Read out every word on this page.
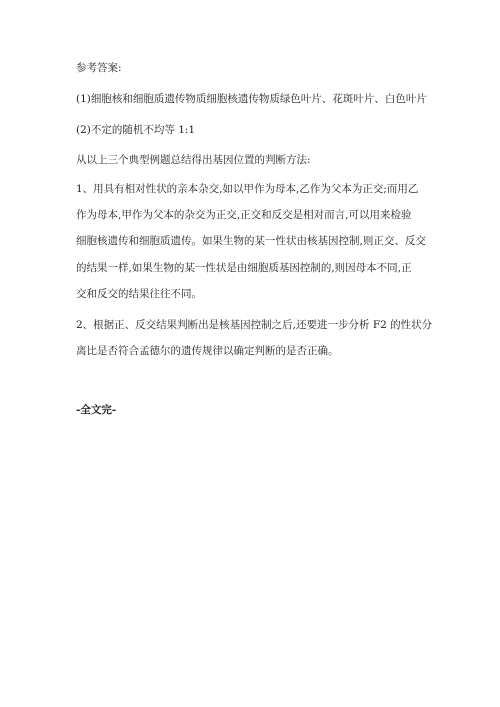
参考答案:
(1)细胞核和细胞质遗传物质细胞核遗传物质绿色叶片、花斑叶片、白色叶片
(2)不定的随机不均等 1:1
从以上三个典型例题总结得出基因位置的判断方法:
1、用具有相对性状的亲本杂交,如以甲作为母本,乙作为父本为正交;而用乙
作为母本,甲作为父本的杂交为正交,正交和反交是相对而言,可以用来检验
细胞核遗传和细胞质遗传。如果生物的某一性状由核基因控制,则正交、反交
的结果一样,如果生物的某一性状是由细胞质基因控制的,则因母本不同,正
交和反交的结果往往不同。
2、根据正、反交结果判断出是核基因控制之后,还要进一步分析 F2 的性状分
离比是否符合孟德尔的遗传规律以确定判断的是否正确。
-全文完-
